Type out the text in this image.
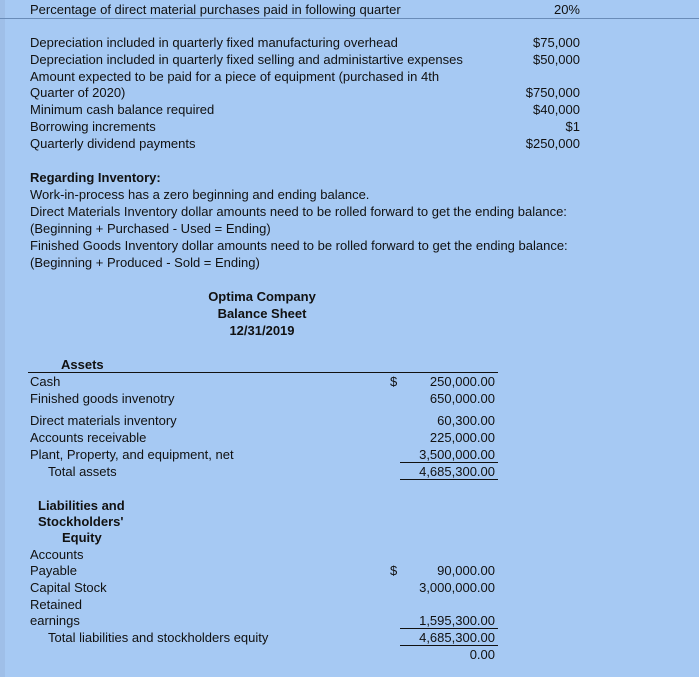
Percentage of direct material purchases paid in following quarter	20%
Depreciation included in quarterly fixed manufacturing overhead	$75,000
Depreciation included in quarterly fixed selling and administartive expenses	$50,000
Amount expected to be paid for a piece of equipment (purchased in 4th
Quarter of 2020)	$750,000
Minimum cash balance required	$40,000
Borrowing increments	$1
Quarterly dividend payments	$250,000
Regarding Inventory:
Work-in-process has a zero beginning and ending balance.
Direct Materials Inventory dollar amounts need to be rolled forward to get the ending balance:
(Beginning + Purchased - Used = Ending)
Finished Goods Inventory dollar amounts need to be rolled forward to get the ending balance:
(Beginning + Produced - Sold = Ending)
Optima Company
Balance Sheet
12/31/2019
Assets
Cash	$	250,000.00
Finished goods invenotry	650,000.00
Direct materials inventory	60,300.00
Accounts receivable	225,000.00
Plant, Property, and equipment, net	3,500,000.00
Total assets	4,685,300.00
Liabilities and
Stockholders'
Equity
Accounts
Payable	$	90,000.00
Capital Stock	3,000,000.00
Retained
earnings	1,595,300.00
Total liabilities and stockholders equity	4,685,300.00
0.00
